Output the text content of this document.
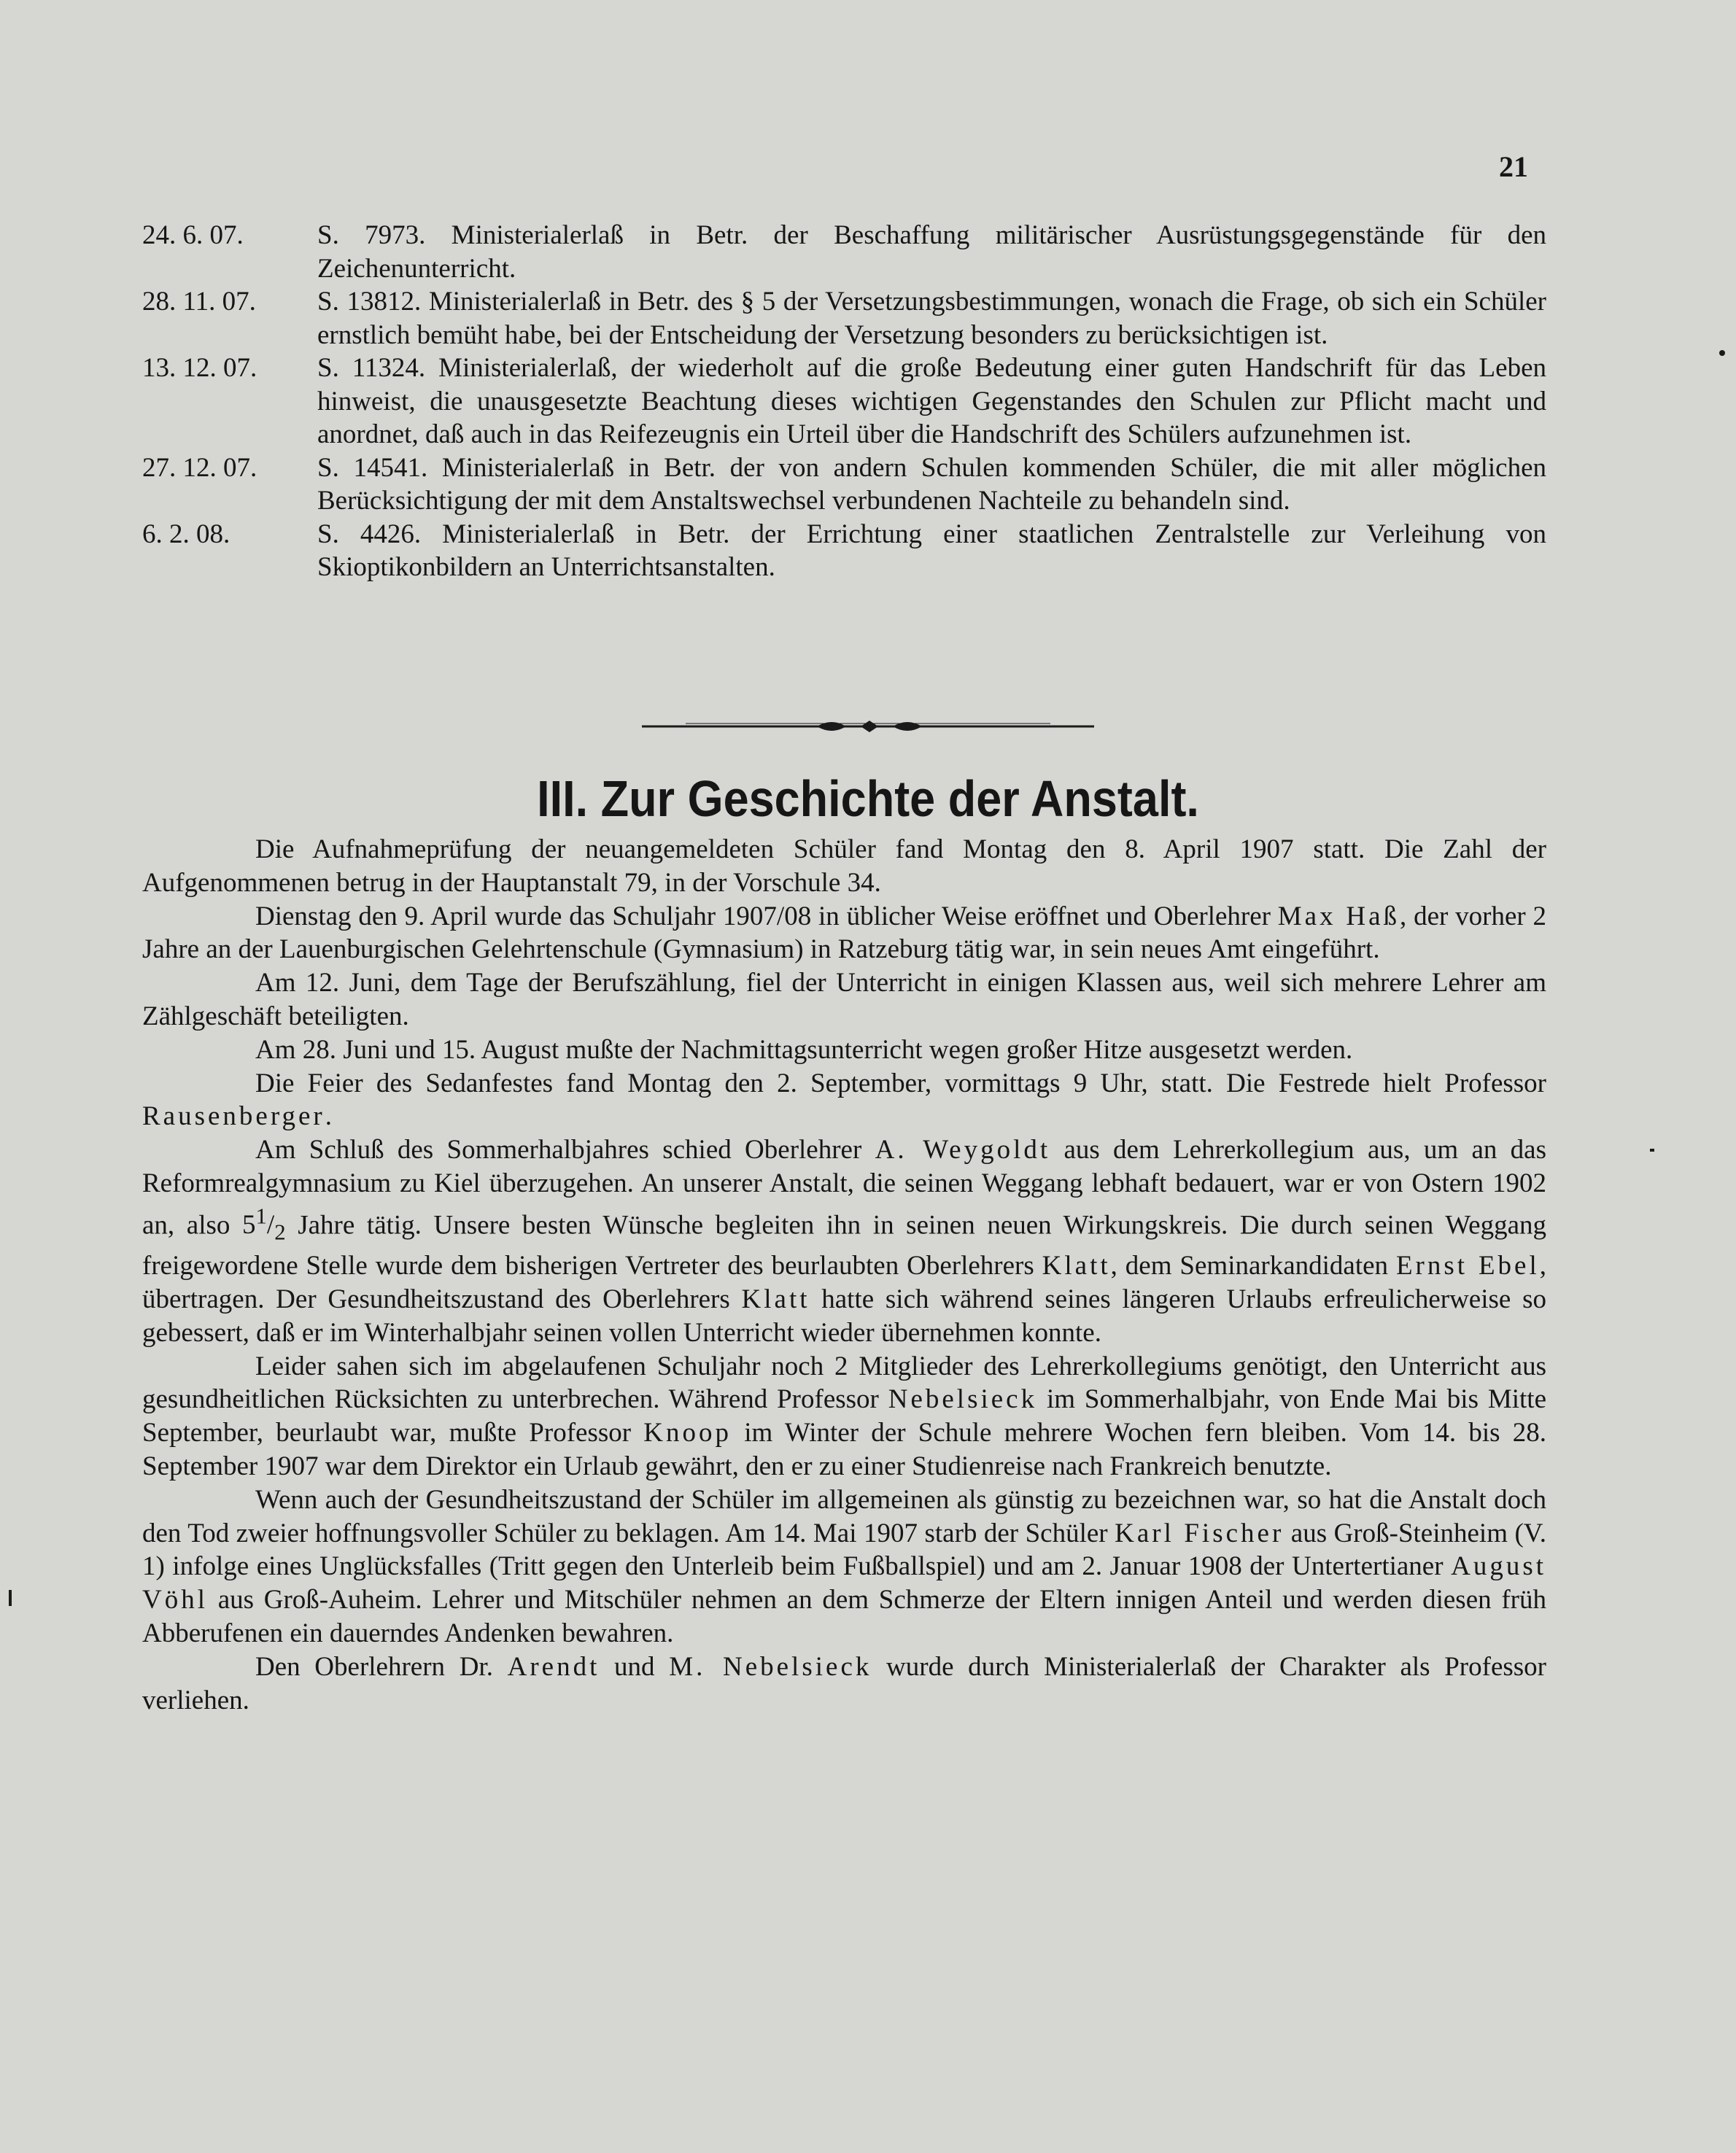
21
24. 6. 07.	S. 7973. Ministerialerlaß in Betr. der Beschaffung militärischer Ausrüstungsgegenstände für den Zeichenunterricht.
28. 11. 07. S. 13812. Ministerialerlaß in Betr. des § 5 der Versetzungsbestimmungen, wonach die Frage, ob sich ein Schüler ernstlich bemüht habe, bei der Entscheidung der Versetzung besonders zu berücksichtigen ist.
13. 12. 07. S. 11324. Ministerialerlaß, der wiederholt auf die große Bedeutung einer guten Handschrift für das Leben hinweist, die unausgesetzte Beachtung dieses wichtigen Gegenstandes den Schulen zur Pflicht macht und anordnet, daß auch in das Reifezeugnis ein Urteil über die Handschrift des Schülers aufzunehmen ist.
27. 12. 07. S. 14541. Ministerialerlaß in Betr. der von andern Schulen kommenden Schüler, die mit aller möglichen Berücksichtigung der mit dem Anstaltswechsel verbundenen Nachteile zu behandeln sind.
6. 2. 08.	S. 4426. Ministerialerlaß in Betr. der Errichtung einer staatlichen Zentralstelle zur Verleihung von Skioptikonbildern an Unterrichtsanstalten.
III. Zur Geschichte der Anstalt.

Die Aufnahmeprüfung der neuangemeldeten Schüler fand Montag den 8. April 1907 statt. Die Zahl der Aufgenommenen betrug in der Hauptanstalt 79, in der Vorschule 34.

Dienstag den 9. April wurde das Schuljahr 1907/08 in üblicher Weise eröffnet und Oberlehrer Max Haß, der vorher 2 Jahre an der Lauenburgischen Gelehrtenschule (Gymnasium) in Ratzeburg tätig war, in sein neues Amt eingeführt.

Am 12. Juni, dem Tage der Berufszählung, fiel der Unterricht in einigen Klassen aus, weil sich mehrere Lehrer am Zählgeschäft beteiligten.

Am 28. Juni und 15. August mußte der Nachmittagsunterricht wegen großer Hitze ausgesetzt werden.

Die Feier des Sedanfestes fand Montag den 2. September, vormittags 9 Uhr, statt. Die Festrede hielt Professor Rausenberger.

Am Schluß des Sommerhalbjahres schied Oberlehrer A. Weygoldt aus dem Lehrerkollegium aus, um an das Reformrealgymnasium zu Kiel überzugehen. An unserer Anstalt, die seinen Weggang lebhaft bedauert, war er von Ostern 1902 an, also $5^1/_2$ Jahre tätig. Unsere besten Wünsche begleiten ihn in seinen neuen Wirkungskreis. Die durch seinen Weggang freigewordene Stelle wurde dem bisherigen Vertreter des beurlaubten Oberlehrers Klatt, dem Seminarkandidaten Ernst Ebel, übertragen. Der Gesundheitszustand des Oberlehrers Klatt hatte sich während seines längeren Urlaubs erfreulicherweise so gebessert, daß er im Winterhalbjahr seinen vollen Unterricht wieder übernehmen konnte.

Leider sahen sich im abgelaufenen Schuljahr noch 2 Mitglieder des Lehrerkollegiums genötigt, den Unterricht aus gesundheitlichen Rücksichten zu unterbrechen. Während Professor Nebelsieck im Sommerhalbjahr, von Ende Mai bis Mitte September, beurlaubt war, mußte Professor Knoop im Winter der Schule mehrere Wochen fern bleiben. Vom 14. bis 28. September 1907 war dem Direktor ein Urlaub gewährt, den er zu einer Studienreise nach Frankreich benutzte.

Wenn auch der Gesundheitszustand der Schüler im allgemeinen als günstig zu bezeichnen war, so hat die Anstalt doch den Tod zweier hoffnungsvoller Schüler zu beklagen. Am 14. Mai 1907 starb der Schüler Karl Fischer aus Groß-Steinheim (V. 1) infolge eines Unglücksfalles (Tritt gegen den Unterleib beim Fußballspiel) und am 2. Januar 1908 der Untertertianer August Vöhl aus Groß-Auheim. Lehrer und Mitschüler nehmen an dem Schmerze der Eltern innigen Anteil und werden diesen früh Abberufenen ein dauerndes Andenken bewahren.

Den Oberlehrern Dr. Arendt und M. Nebelsieck wurde durch Ministerialerlaß der Charakter als Professor verliehen.
